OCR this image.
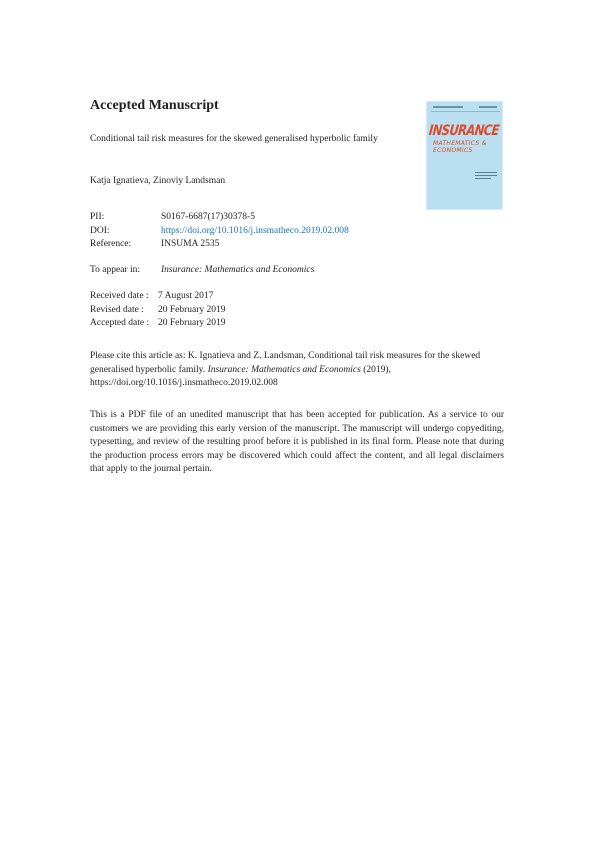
Accepted Manuscript
INSURANCE
MATHEMATICS & ECONOMICS
Conditional tail risk measures for the skewed generalised hyperbolic family
Katja Ignatieva, Zinoviy Landsman
PII:	S0167-6687(17)30378-5
DOI:	https://doi.org/10.1016/j.insmatheco.2019.02.008
Reference:	INSUMA 2535
To appear in:	Insurance: Mathematics and Economics
Received date : 7 August 2017
Revised date :	20 February 2019
Accepted date : 20 February 2019
Please cite this article as: K. Ignatieva and Z. Landsman, Conditional tail risk measures for the skewed generalised hyperbolic family. Insurance: Mathematics and Economics (2019), https://doi.org/10.1016/j.insmatheco.2019.02.008
This is a PDF file of an unedited manuscript that has been accepted for publication. As a service to our customers we are providing this early version of the manuscript. The manuscript will undergo copyediting, typesetting, and review of the resulting proof before it is published in its final form. Please note that during the production process errors may be discovered which could affect the content, and all legal disclaimers that apply to the journal pertain.
